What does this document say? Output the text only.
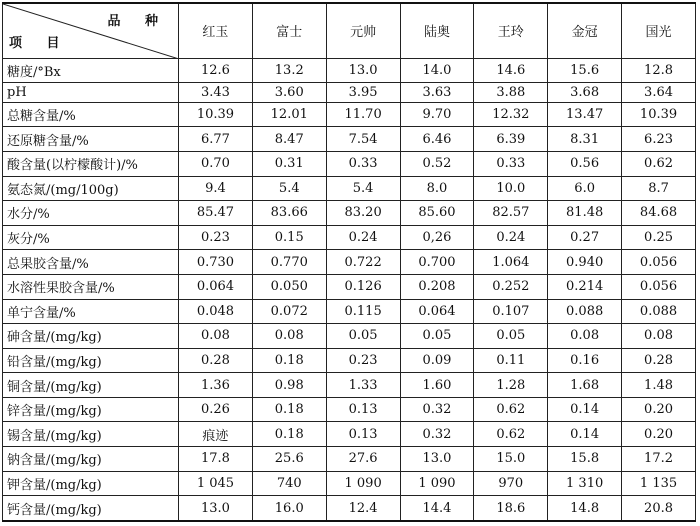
品 种
项 目	红玉	富士	元帅	陆奥	王玲	金冠	国光
糖度/°Bx	12.6	13.2	13.0	14.0	14.6	15.6	12.8
pH	3.43	3.60	3.95	3.63	3.88	3.68	3.64
总糖含量/%	10.39	12.01	11.70	9.70	12.32	13.47	10.39
还原糖含量/%	6.77	8.47	7.54	6.46	6.39	8.31	6.23
酸含量(以柠檬酸计)/%	0.70	0.31	0.33	0.52	0.33	0.56	0.62
氨态氮/(mg/100g)	9.4	5.4	5.4	8.0	10.0	6.0	8.7
水分/%	85.47	83.66	83.20	85.60	82.57	81.48	84.68
灰分/%	0.23	0.15	0.24	0,26	0.24	0.27	0.25
总果胶含量/%	0.730	0.770	0.722	0.700	1.064	0.940	0.056
水溶性果胶含量/%	0.064	0.050	0.126	0.208	0.252	0.214	0.056
单宁含量/%	0.048	0.072	0.115	0.064	0.107	0.088	0.088
砷含量/(mg/kg)	0.08	0.08	0.05	0.05	0.05	0.08	0.08
铅含量/(mg/kg)	0.28	0.18	0.23	0.09	0.11	0.16	0.28
铜含量/(mg/kg)	1.36	0.98	1.33	1.60	1.28	1.68	1.48
锌含量/(mg/kg)	0.26	0.18	0.13	0.32	0.62	0.14	0.20
锡含量/(mg/kg)	痕迹	0.18	0.13	0.32	0.62	0.14	0.20
钠含量/(mg/kg)	17.8	25.6	27.6	13.0	15.0	15.8	17.2
钾含量/(mg/kg)	1 045	740	1 090	1 090	970	1 310	1 135
钙含量/(mg/kg)	13.0	16.0	12.4	14.4	18.6	14.8	20.8
